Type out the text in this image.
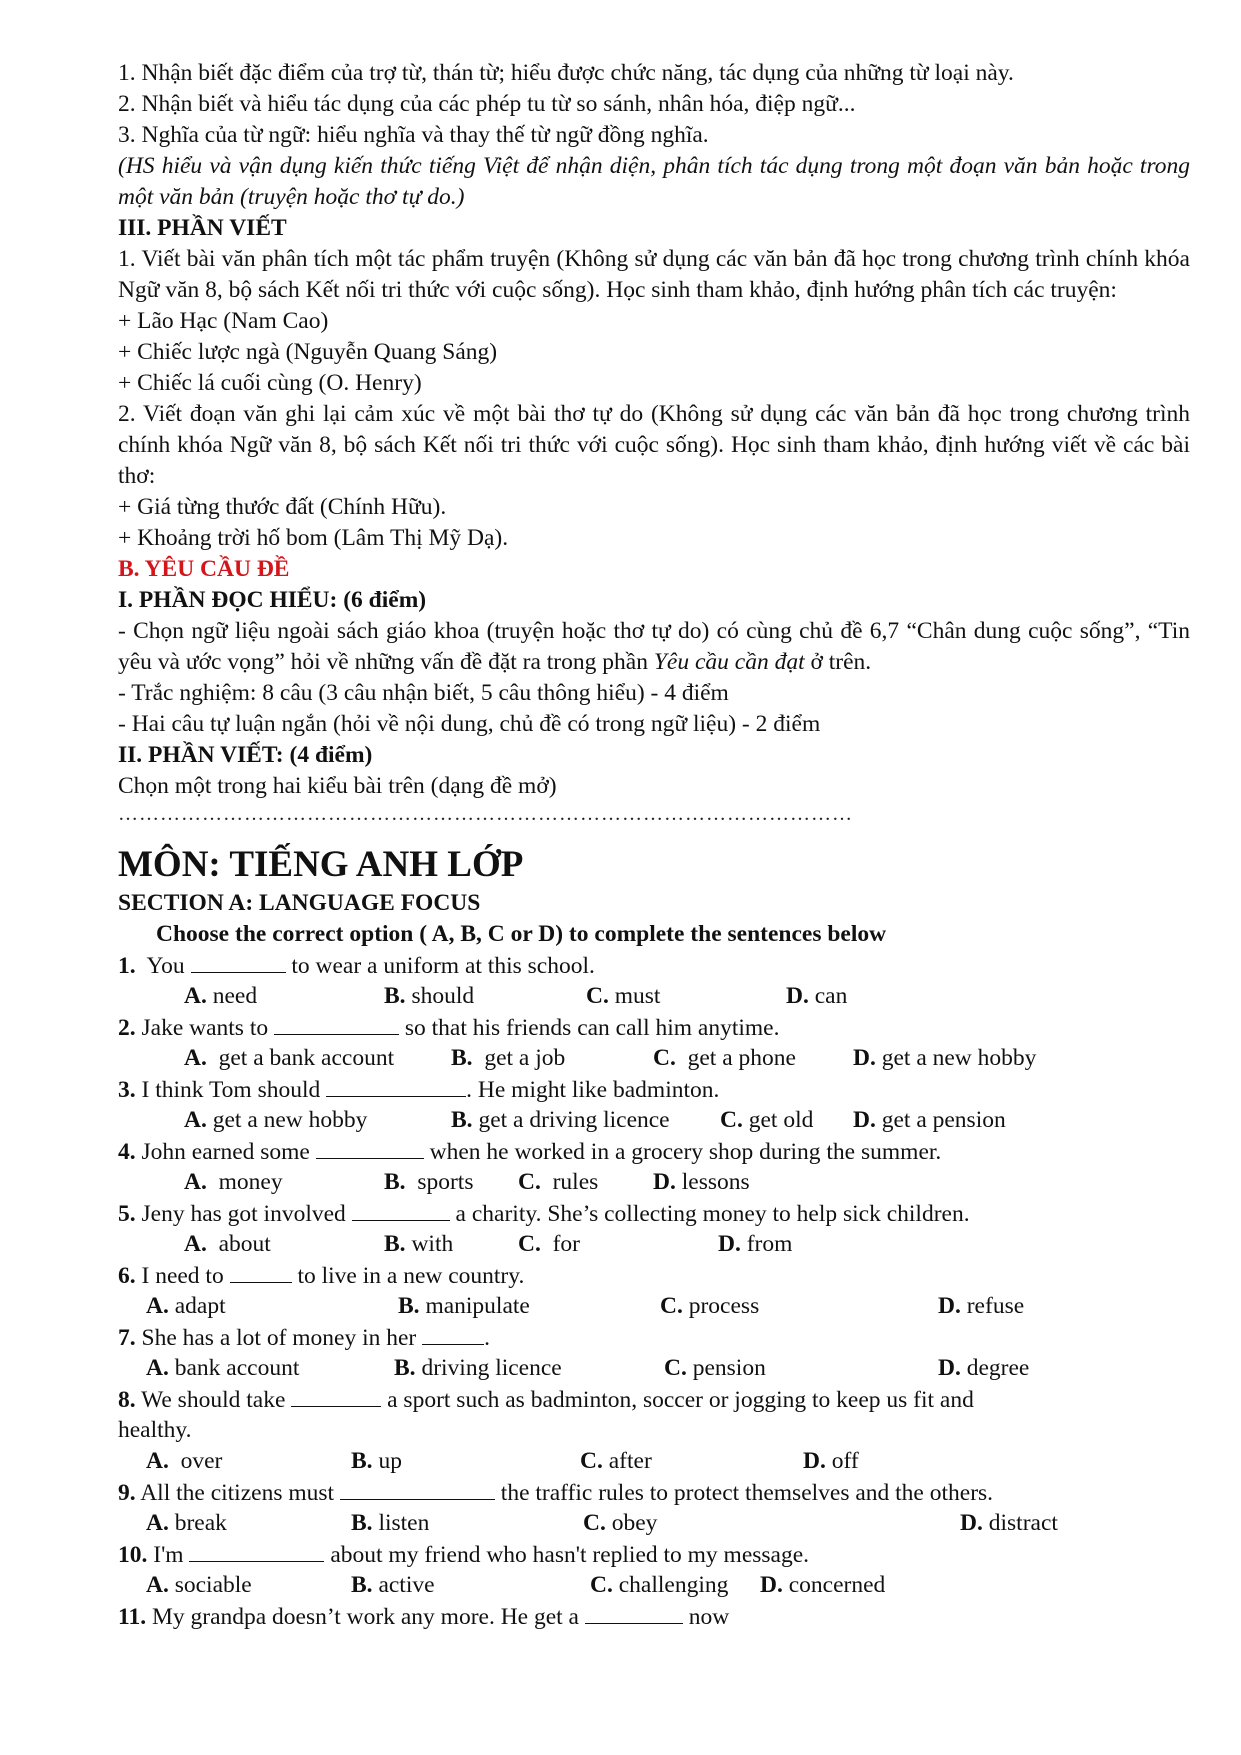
1. Nhận biết đặc điểm của trợ từ, thán từ; hiểu được chức năng, tác dụng của những từ loại này.
2. Nhận biết và hiểu tác dụng của các phép tu từ so sánh, nhân hóa, điệp ngữ...
3. Nghĩa của từ ngữ: hiểu nghĩa và thay thế từ ngữ đồng nghĩa.
(HS hiểu và vận dụng kiến thức tiếng Việt để nhận diện, phân tích tác dụng trong một đoạn văn bản hoặc trong một văn bản (truyện hoặc thơ tự do.)
III. PHẦN VIẾT
1. Viết bài văn phân tích một tác phẩm truyện (Không sử dụng các văn bản đã học trong chương trình chính khóa Ngữ văn 8, bộ sách Kết nối tri thức với cuộc sống). Học sinh tham khảo, định hướng phân tích các truyện:
+ Lão Hạc (Nam Cao)
+ Chiếc lược ngà (Nguyễn Quang Sáng)
+ Chiếc lá cuối cùng (O. Henry)
2. Viết đoạn văn ghi lại cảm xúc về một bài thơ tự do (Không sử dụng các văn bản đã học trong chương trình chính khóa Ngữ văn 8, bộ sách Kết nối tri thức với cuộc sống). Học sinh tham khảo, định hướng viết về các bài thơ:
+ Giá từng thước đất (Chính Hữu).
+ Khoảng trời hố bom (Lâm Thị Mỹ Dạ).
B. YÊU CẦU ĐỀ
I. PHẦN ĐỌC HIỂU: (6 điểm)
- Chọn ngữ liệu ngoài sách giáo khoa (truyện hoặc thơ tự do) có cùng chủ đề 6,7 “Chân dung cuộc sống”, “Tin yêu và ước vọng” hỏi về những vấn đề đặt ra trong phần Yêu cầu cần đạt ở trên.
- Trắc nghiệm: 8 câu (3 câu nhận biết, 5 câu thông hiểu) - 4 điểm
- Hai câu tự luận ngắn (hỏi về nội dung, chủ đề có trong ngữ liệu) - 2 điểm
II. PHẦN VIẾT: (4 điểm)
Chọn một trong hai kiểu bài trên (dạng đề mở)
……………………………………………………………………………………………
MÔN: TIẾNG ANH LỚP
SECTION A: LANGUAGE FOCUS
Choose the correct option ( A, B, C or D) to complete the sentences below
1.  You	to wear a uniform at this school.
A. need	B. should	C. must	D. can
2. Jake wants to	so that his friends can call him anytime.
A.  get a bank account B.  get a job	C.  get a phone D. get a new hobby
3. I think Tom should	. He might like badminton.
A. get a new hobby	B. get a driving licence C. get old D. get a pension
4. John earned some	when he worked in a grocery shop during the summer.
A.  money	B.  sports C.  rules D. lessons
5. Jeny has got involved	a charity. She’s collecting money to help sick children.
A.  about	B. with	C.  for	D. from
6. I need to	to live in a new country.
A. adapt	B. manipulate	C. process	D. refuse
7. She has a lot of money in her	.
A. bank account	B. driving licence	C. pension	D. degree
8. We should take	a sport such as badminton, soccer or jogging to keep us fit and
healthy.
A.  over	B. up	C. after	D. off
9. All the citizens must	the traffic rules to protect themselves and the others.
A. break	B. listen	C. obey	D. distract
10. I'm	about my friend who hasn't replied to my message.
A. sociable	B. active	C. challenging D. concerned
11. My grandpa doesn’t work any more. He get a	now
